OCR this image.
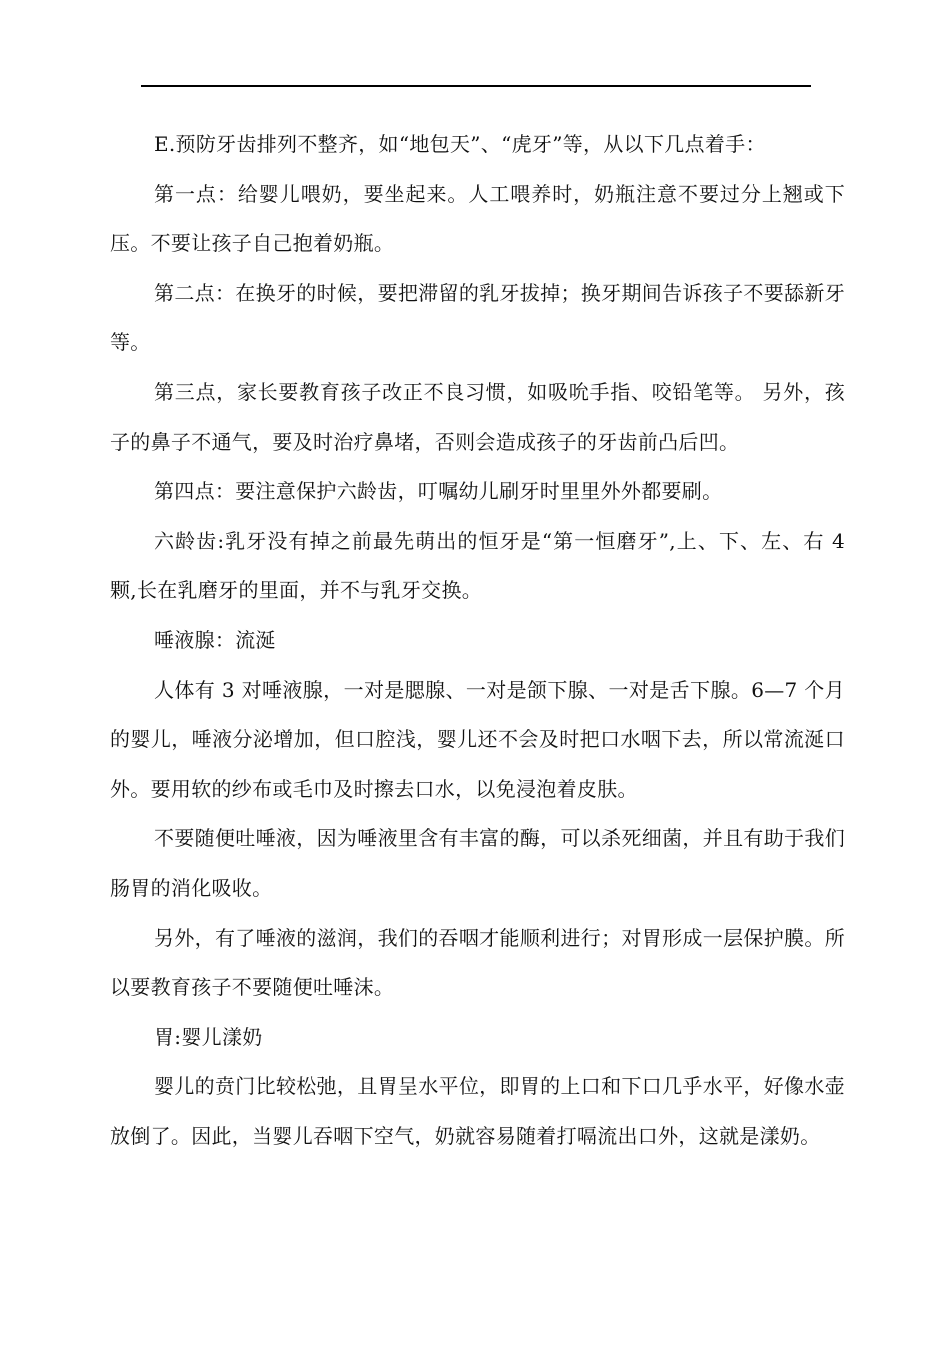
E.预防牙齿排列不整齐，如“地包天”、“虎牙”等，从以下几点着手：

第一点：给婴儿喂奶，要坐起来。人工喂养时，奶瓶注意不要过分上翘或下压。不要让孩子自己抱着奶瓶。

第二点：在换牙的时候，要把滞留的乳牙拔掉；换牙期间告诉孩子不要舔新牙等。

第三点，家长要教育孩子改正不良习惯，如吸吮手指、咬铅笔等。 另外，孩子的鼻子不通气，要及时治疗鼻堵，否则会造成孩子的牙齿前凸后凹。

第四点：要注意保护六龄齿，叮嘱幼儿刷牙时里里外外都要刷。

六龄齿:乳牙没有掉之前最先萌出的恒牙是“第一恒磨牙”,上、下、左、右 4 颗,长在乳磨牙的里面，并不与乳牙交换。

唾液腺：流涎

人体有 3 对唾液腺，一对是腮腺、一对是颌下腺、一对是舌下腺。6—7 个月的婴儿，唾液分泌增加，但口腔浅，婴儿还不会及时把口水咽下去，所以常流涎口外。要用软的纱布或毛巾及时擦去口水，以免浸泡着皮肤。

不要随便吐唾液，因为唾液里含有丰富的酶，可以杀死细菌，并且有助于我们肠胃的消化吸收。

另外，有了唾液的滋润，我们的吞咽才能顺利进行；对胃形成一层保护膜。所以要教育孩子不要随便吐唾沫。

胃:婴儿漾奶

婴儿的贲门比较松弛，且胃呈水平位，即胃的上口和下口几乎水平，好像水壶放倒了。因此，当婴儿吞咽下空气，奶就容易随着打嗝流出口外，这就是漾奶。
